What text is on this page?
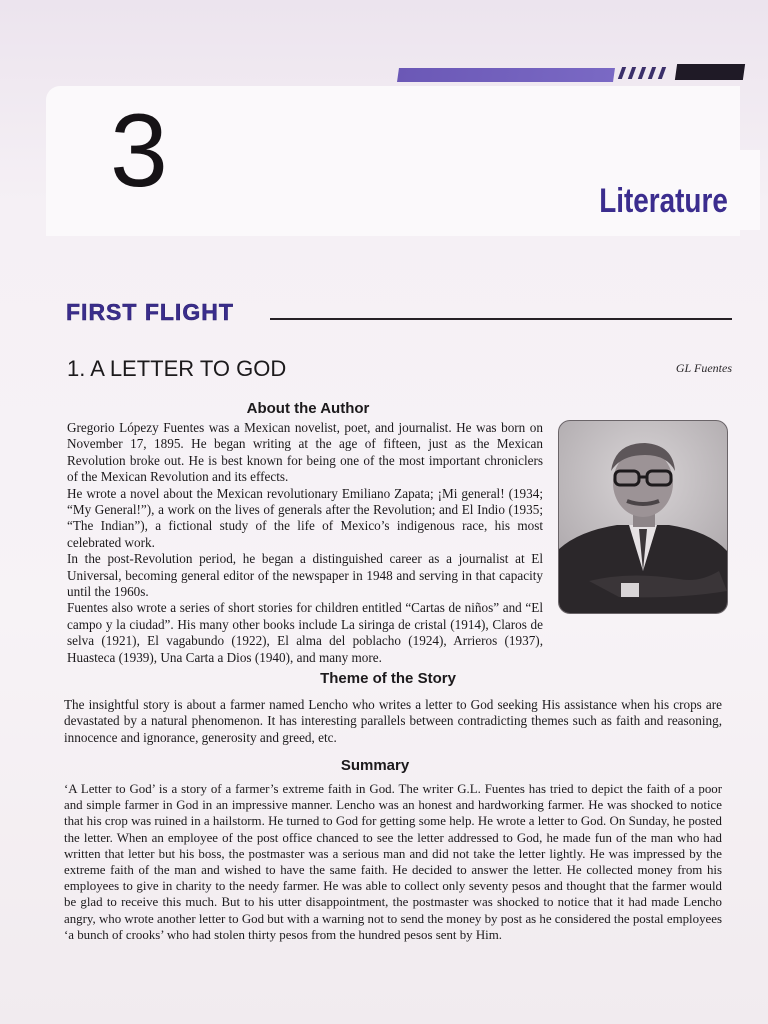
3	Literature
FIRST FLIGHT
1. A LETTER TO GOD	GL Fuentes
About the Author

Gregorio Lópezy Fuentes was a Mexican novelist, poet, and journalist. He was born on November 17, 1895. He began writing at the age of fifteen, just as the Mexican Revolution broke out. He is best known for being one of the most important chroniclers of the Mexican Revolution and its effects.

He wrote a novel about the Mexican revolutionary Emiliano Zapata; ¡Mi general! (1934; “My General!”), a work on the lives of generals after the Revolution; and El Indio (1935; “The Indian”), a fictional study of the life of Mexico’s indigenous race, his most celebrated work.

In the post-Revolution period, he began a distinguished career as a journalist at El Universal, becoming general editor of the newspaper in 1948 and serving in that capacity until the 1960s.

Fuentes also wrote a series of short stories for children entitled “Cartas de niños” and “El campo y la ciudad”. His many other books include La siringa de cristal (1914), Claros de selva (1921), El vagabundo (1922), El alma del poblacho (1924), Arrieros (1937), Huasteca (1939), Una Carta a Dios (1940), and many more.

Theme of the Story
The insightful story is about a farmer named Lencho who writes a letter to God seeking His assistance when his crops are devastated by a natural phenomenon. It has interesting parallels between contradicting themes such as faith and reasoning, innocence and ignorance, generosity and greed, etc.
Summary
‘A Letter to God’ is a story of a farmer’s extreme faith in God. The writer G.L. Fuentes has tried to depict the faith of a poor and simple farmer in God in an impressive manner. Lencho was an honest and hardworking farmer. He was shocked to notice that his crop was ruined in a hailstorm. He turned to God for getting some help. He wrote a letter to God. On Sunday, he posted the letter. When an employee of the post office chanced to see the letter addressed to God, he made fun of the man who had written that letter but his boss, the postmaster was a serious man and did not take the letter lightly. He was impressed by the extreme faith of the man and wished to have the same faith. He decided to answer the letter. He collected money from his employees to give in charity to the needy farmer. He was able to collect only seventy pesos and thought that the farmer would be glad to receive this much. But to his utter disappointment, the postmaster was shocked to notice that it had made Lencho angry, who wrote another letter to God but with a warning not to send the money by post as he considered the postal employees ‘a bunch of crooks’ who had stolen thirty pesos from the hundred pesos sent by Him.
